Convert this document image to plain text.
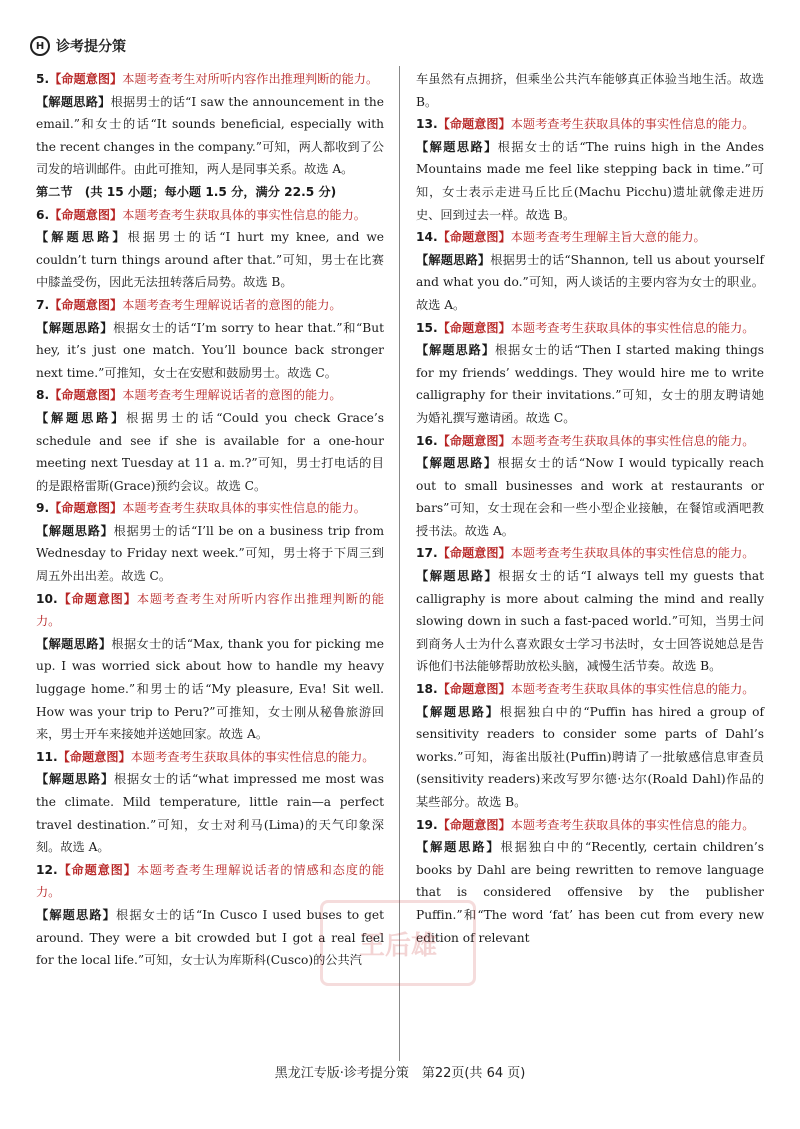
H 诊考提分策

5.【命题意图】本题考查考生对所听内容作出推理判断的能力。
【解题思路】根据男士的话“I saw the announcement in the email.”和女士的话“It sounds beneficial, especially with the recent changes in the company.”可知，两人都收到了公司发的培训邮件。由此可推知，两人是同事关系。故选 A。

第二节　(共 15 小题；每小题 1.5 分，满分 22.5 分)

6.【命题意图】本题考查考生获取具体的事实性信息的能力。
【解题思路】根据男士的话“I hurt my knee, and we couldn’t turn things around after that.”可知，男士在比赛中膝盖受伤，因此无法扭转落后局势。故选 B。

7.【命题意图】本题考查考生理解说话者的意图的能力。
【解题思路】根据女士的话“I’m sorry to hear that.”和“But hey, it’s just one match. You’ll bounce back stronger next time.”可推知，女士在安慰和鼓励男士。故选 C。

8.【命题意图】本题考查考生理解说话者的意图的能力。
【解题思路】根据男士的话“Could you check Grace’s schedule and see if she is available for a one-hour meeting next Tuesday at 11 a. m.?”可知，男士打电话的目的是跟格雷斯(Grace)预约会议。故选 C。

9.【命题意图】本题考查考生获取具体的事实性信息的能力。
【解题思路】根据男士的话“I’ll be on a business trip from Wednesday to Friday next week.”可知，男士将于下周三到周五外出出差。故选 C。

10.【命题意图】本题考查考生对所听内容作出推理判断的能力。
【解题思路】根据女士的话“Max, thank you for picking me up. I was worried sick about how to handle my heavy luggage home.”和男士的话“My pleasure, Eva! Sit well. How was your trip to Peru?”可推知，女士刚从秘鲁旅游回来，男士开车来接她并送她回家。故选 A。

11.【命题意图】本题考查考生获取具体的事实性信息的能力。
【解题思路】根据女士的话“what impressed me most was the climate. Mild temperature, little rain—a perfect travel destination.”可知，女士对利马(Lima)的天气印象深刻。故选 A。

12.【命题意图】本题考查考生理解说话者的情感和态度的能力。
【解题思路】根据女士的话“In Cusco I used buses to get around. They were a bit crowded but I got a real feel for the local life.”可知，女士认为库斯科(Cusco)的公共汽

车虽然有点拥挤，但乘坐公共汽车能够真正体验当地生活。故选 B。

13.【命题意图】本题考查考生获取具体的事实性信息的能力。
【解题思路】根据女士的话“The ruins high in the Andes Mountains made me feel like stepping back in time.”可知，女士表示走进马丘比丘(Machu Picchu)遗址就像走进历史、回到过去一样。故选 B。

14.【命题意图】本题考查考生理解主旨大意的能力。
【解题思路】根据男士的话“Shannon, tell us about yourself and what you do.”可知，两人谈话的主要内容为女士的职业。故选 A。

15.【命题意图】本题考查考生获取具体的事实性信息的能力。
【解题思路】根据女士的话“Then I started making things for my friends’ weddings. They would hire me to write calligraphy for their invitations.”可知，女士的朋友聘请她为婚礼撰写邀请函。故选 C。

16.【命题意图】本题考查考生获取具体的事实性信息的能力。
【解题思路】根据女士的话“Now I would typically reach out to small businesses and work at restaurants or bars”可知，女士现在会和一些小型企业接触，在餐馆或酒吧教授书法。故选 A。

17.【命题意图】本题考查考生获取具体的事实性信息的能力。
【解题思路】根据女士的话“I always tell my guests that calligraphy is more about calming the mind and really slowing down in such a fast-paced world.”可知，当男士问到商务人士为什么喜欢跟女士学习书法时，女士回答说她总是告诉他们书法能够帮助放松头脑，减慢生活节奏。故选 B。

18.【命题意图】本题考查考生获取具体的事实性信息的能力。
【解题思路】根据独白中的“Puffin has hired a group of sensitivity readers to consider some parts of Dahl’s works.”可知，海雀出版社(Puffin)聘请了一批敏感信息审查员(sensitivity readers)来改写罗尔德·达尔(Roald Dahl)作品的某些部分。故选 B。

19.【命题意图】本题考查考生获取具体的事实性信息的能力。
【解题思路】根据独白中的“Recently, certain children’s books by Dahl are being rewritten to remove language that is considered offensive by the publisher Puffin.”和“The word ‘fat’ has been cut from every new edition of relevant

王后雄
黑龙江专版·诊考提分策　第22页(共 64 页)
